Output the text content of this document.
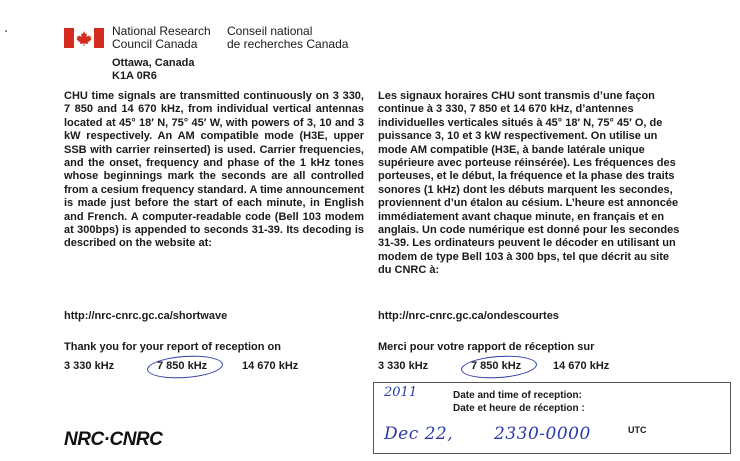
National Research
Council Canada
Conseil national
de recherches Canada
Ottawa, Canada
K1A 0R6
CHU time signals are transmitted continuously on 3 330, 7 850 and 14 670 kHz, from individual vertical antennas located at 45° 18′ N, 75° 45′ W, with powers of 3, 10 and 3 kW respectively. An AM compatible mode (H3E, upper SSB with carrier reinserted) is used. Carrier frequencies, and the onset, frequency and phase of the 1 kHz tones whose beginnings mark the seconds are all controlled from a cesium frequency standard. A time announcement is made just before the start of each minute, in English and French. A computer-readable code (Bell 103 modem at 300bps) is appended to seconds 31-39. Its decoding is described on the website at:
Les signaux horaires CHU sont transmis d’une façon continue à 3 330, 7 850 et 14 670 kHz, d’antennes individuelles verticales situés à 45° 18′ N, 75° 45′ O, de puissance 3, 10 et 3 kW respectivement. On utilise un mode AM compatible (H3E, à bande latérale unique supérieure avec porteuse réinsérée). Les fréquences des porteuses, et le début, la fréquence et la phase des traits sonores (1 kHz) dont les débuts marquent les secondes, proviennent d’un étalon au césium. L’heure est annoncée immédiatement avant chaque minute, en français et en anglais. Un code numérique est donné pour les secondes 31-39. Les ordinateurs peuvent le décoder en utilisant un modem de type Bell 103 à 300 bps, tel que décrit au site du CNRC à:
http://nrc-cnrc.gc.ca/shortwave	http://nrc-cnrc.gc.ca/ondescourtes
Thank you for your report of reception on	Merci pour votre rapport de réception sur
3 330 kHz	7 850 kHz	14 670 kHz	3 330 kHz	7 850 kHz	14 670 kHz
2011	Date and time of reception:
Date et heure de réception :
Dec 22, 2330-0000	UTC
NRC·CNRC
